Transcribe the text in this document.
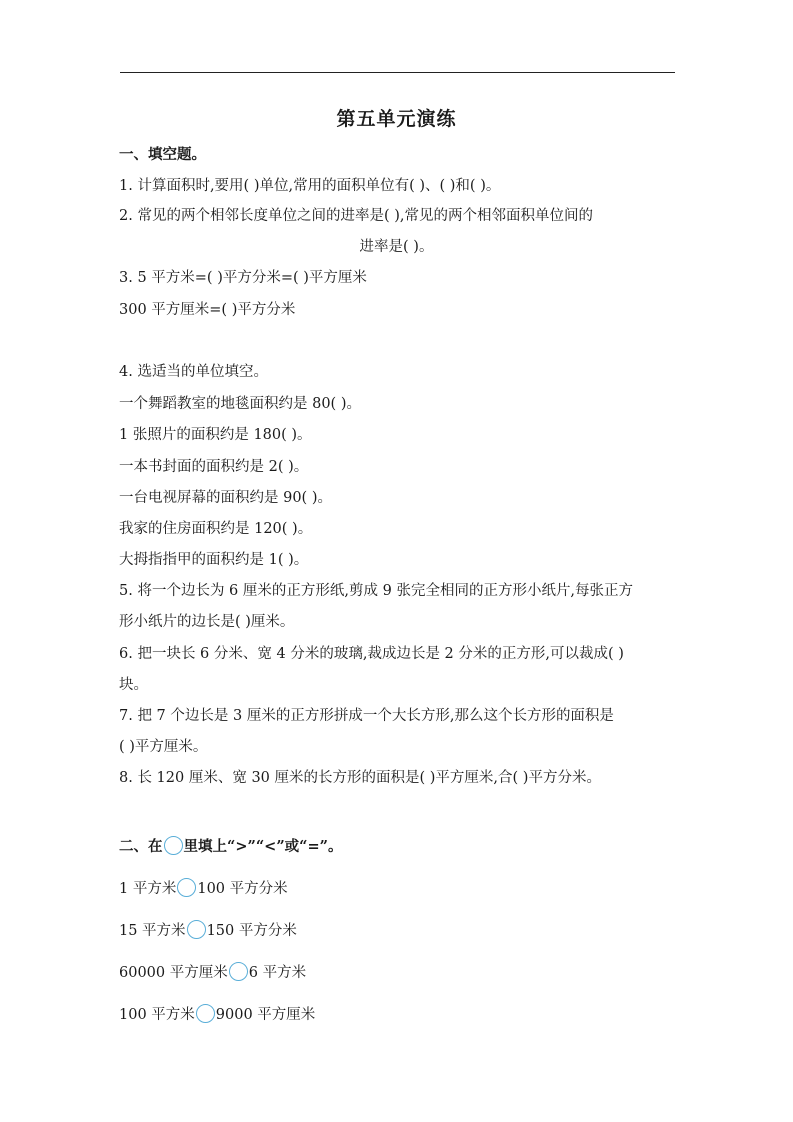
第五单元演练
一、填空题。
1. 计算面积时,要用( )单位,常用的面积单位有( )、( )和( )。
2. 常见的两个相邻长度单位之间的进率是( ),常见的两个相邻面积单位间的
进率是( )。
3. 5 平方米=( )平方分米=( )平方厘米
300 平方厘米=( )平方分米
4. 选适当的单位填空。
一个舞蹈教室的地毯面积约是 80( )。
1 张照片的面积约是 180( )。
一本书封面的面积约是 2( )。
一台电视屏幕的面积约是 90( )。
我家的住房面积约是 120( )。
大拇指指甲的面积约是 1( )。
5. 将一个边长为 6 厘米的正方形纸,剪成 9 张完全相同的正方形小纸片,每张正方
形小纸片的边长是( )厘米。
6. 把一块长 6 分米、宽 4 分米的玻璃,裁成边长是 2 分米的正方形,可以裁成( )
块。
7. 把 7 个边长是 3 厘米的正方形拼成一个大长方形,那么这个长方形的面积是
( )平方厘米。
8. 长 120 厘米、宽 30 厘米的长方形的面积是( )平方厘米,合( )平方分米。
二、在 里填上“>”“<”或“=”。
1 平方米 100 平方分米
15 平方米 150 平方分米
60000 平方厘米 6 平方米
100 平方米 9000 平方厘米
